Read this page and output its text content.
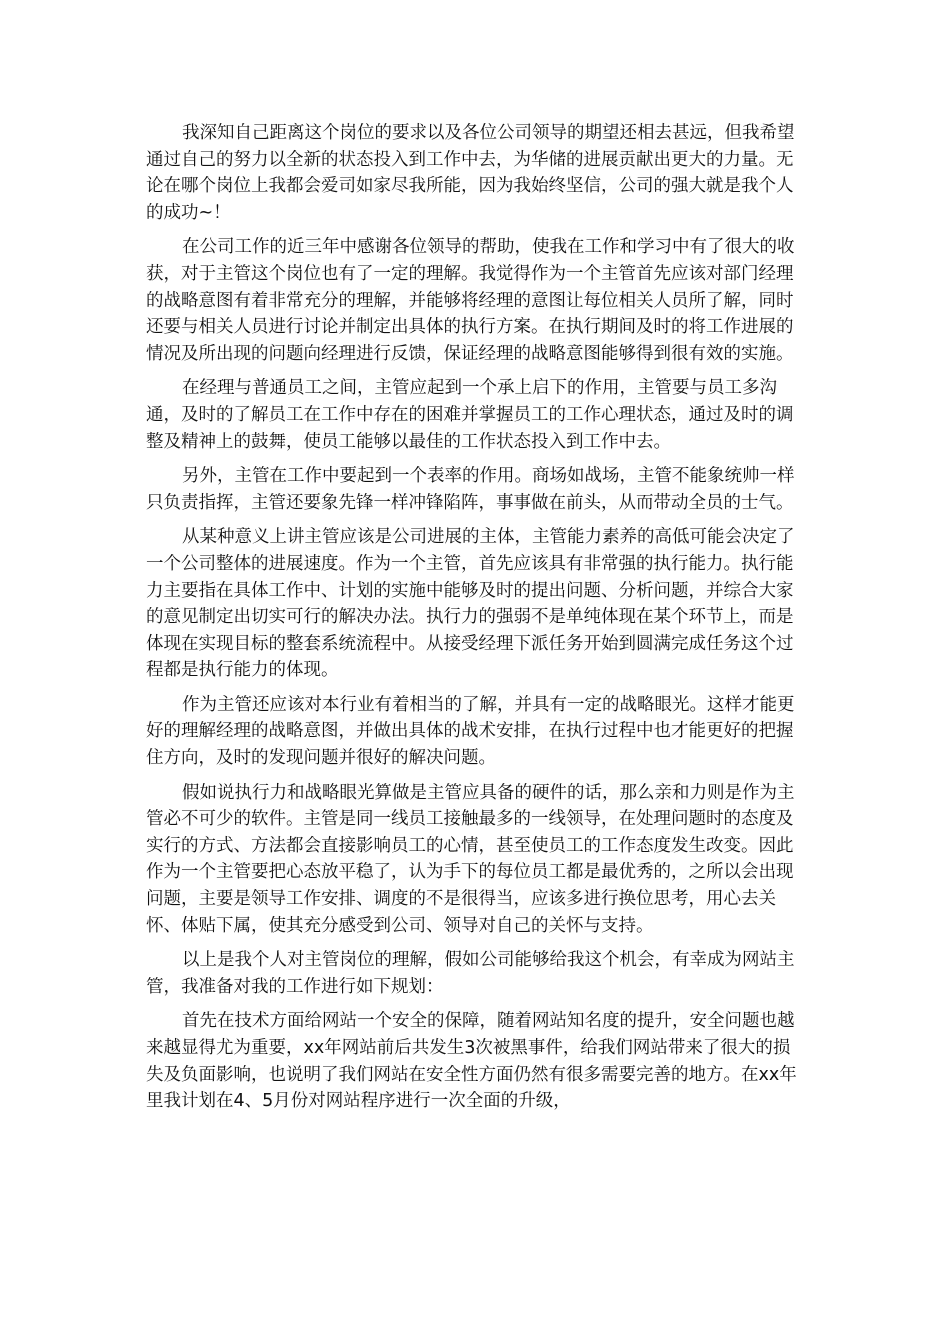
我深知自己距离这个岗位的要求以及各位公司领导的期望还相去甚远，但我希望通过自己的努力以全新的状态投入到工作中去，为华储的进展贡献出更大的力量。无论在哪个岗位上我都会爱司如家尽我所能，因为我始终坚信，公司的强大就是我个人的成功~！

在公司工作的近三年中感谢各位领导的帮助，使我在工作和学习中有了很大的收获，对于主管这个岗位也有了一定的理解。我觉得作为一个主管首先应该对部门经理的战略意图有着非常充分的理解，并能够将经理的意图让每位相关人员所了解，同时还要与相关人员进行讨论并制定出具体的执行方案。在执行期间及时的将工作进展的情况及所出现的问题向经理进行反馈，保证经理的战略意图能够得到很有效的实施。

在经理与普通员工之间，主管应起到一个承上启下的作用，主管要与员工多沟通，及时的了解员工在工作中存在的困难并掌握员工的工作心理状态，通过及时的调整及精神上的鼓舞，使员工能够以最佳的工作状态投入到工作中去。

另外，主管在工作中要起到一个表率的作用。商场如战场，主管不能象统帅一样只负责指挥，主管还要象先锋一样冲锋陷阵，事事做在前头，从而带动全员的士气。

从某种意义上讲主管应该是公司进展的主体，主管能力素养的高低可能会决定了一个公司整体的进展速度。作为一个主管，首先应该具有非常强的执行能力。执行能力主要指在具体工作中、计划的实施中能够及时的提出问题、分析问题，并综合大家的意见制定出切实可行的解决办法。执行力的强弱不是单纯体现在某个环节上，而是体现在实现目标的整套系统流程中。从接受经理下派任务开始到圆满完成任务这个过程都是执行能力的体现。

作为主管还应该对本行业有着相当的了解，并具有一定的战略眼光。这样才能更好的理解经理的战略意图，并做出具体的战术安排，在执行过程中也才能更好的把握住方向，及时的发现问题并很好的解决问题。

假如说执行力和战略眼光算做是主管应具备的硬件的话，那么亲和力则是作为主管必不可少的软件。主管是同一线员工接触最多的一线领导，在处理问题时的态度及实行的方式、方法都会直接影响员工的心情，甚至使员工的工作态度发生改变。因此作为一个主管要把心态放平稳了，认为手下的每位员工都是最优秀的，之所以会出现问题，主要是领导工作安排、调度的不是很得当，应该多进行换位思考，用心去关怀、体贴下属，使其充分感受到公司、领导对自己的关怀与支持。

以上是我个人对主管岗位的理解，假如公司能够给我这个机会，有幸成为网站主管，我准备对我的工作进行如下规划：

首先在技术方面给网站一个安全的保障，随着网站知名度的提升，安全问题也越来越显得尤为重要，xx年网站前后共发生3次被黑事件，给我们网站带来了很大的损失及负面影响，也说明了我们网站在安全性方面仍然有很多需要完善的地方。在xx年里我计划在4、5月份对网站程序进行一次全面的升级，
